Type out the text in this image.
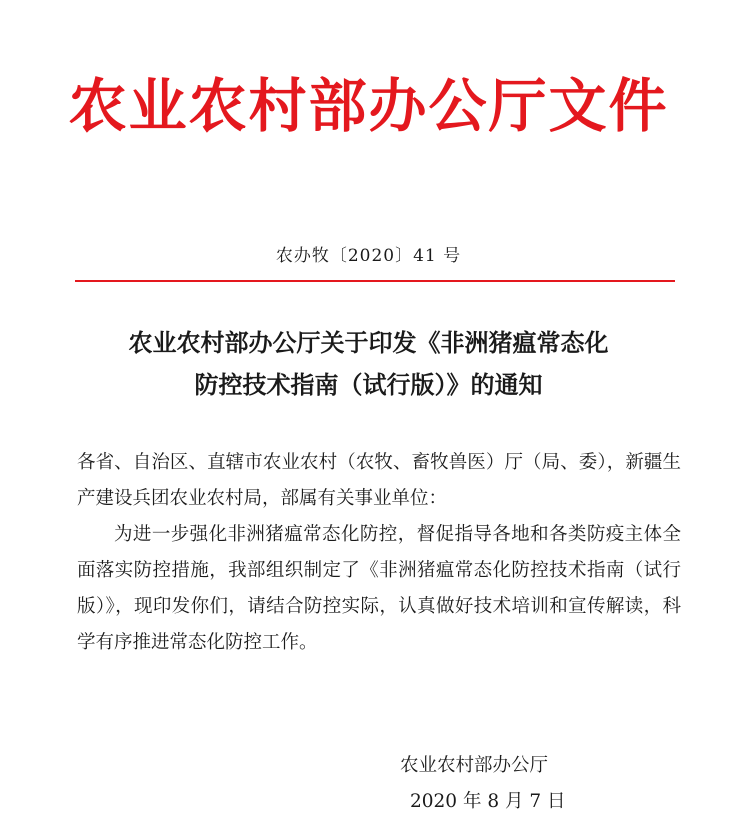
农业农村部办公厅文件
农办牧〔2020〕41 号
农业农村部办公厅关于印发《非洲猪瘟常态化
防控技术指南（试行版）》的通知

各省、自治区、直辖市农业农村（农牧、畜牧兽医）厅（局、委），新疆生产建设兵团农业农村局，部属有关事业单位：

为进一步强化非洲猪瘟常态化防控，督促指导各地和各类防疫主体全面落实防控措施，我部组织制定了《非洲猪瘟常态化防控技术指南（试行版）》，现印发你们，请结合防控实际，认真做好技术培训和宣传解读，科学有序推进常态化防控工作。

农业农村部办公厅
2020 年 8 月 7 日
